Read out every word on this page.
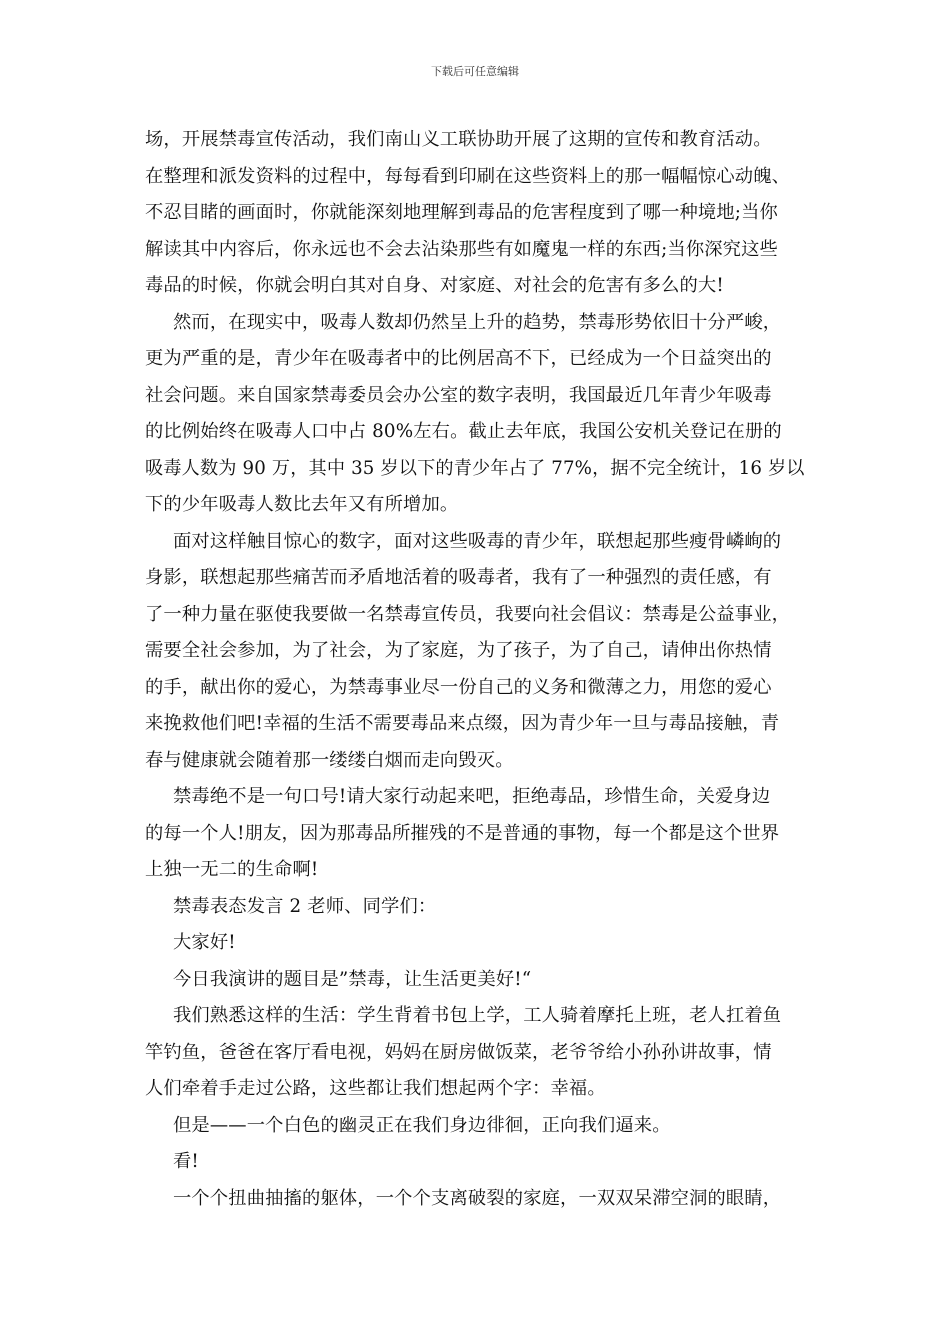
下载后可任意编辑
场，开展禁毒宣传活动，我们南山义工联协助开展了这期的宣传和教育活动。
在整理和派发资料的过程中，每每看到印刷在这些资料上的那一幅幅惊心动魄、
不忍目睹的画面时，你就能深刻地理解到毒品的危害程度到了哪一种境地;当你
解读其中内容后，你永远也不会去沾染那些有如魔鬼一样的东西;当你深究这些
毒品的时候，你就会明白其对自身、对家庭、对社会的危害有多么的大!
然而，在现实中，吸毒人数却仍然呈上升的趋势，禁毒形势依旧十分严峻，
更为严重的是，青少年在吸毒者中的比例居高不下，已经成为一个日益突出的
社会问题。来自国家禁毒委员会办公室的数字表明，我国最近几年青少年吸毒
的比例始终在吸毒人口中占 80%左右。截止去年底，我国公安机关登记在册的
吸毒人数为 90 万，其中 35 岁以下的青少年占了 77%，据不完全统计，16 岁以
下的少年吸毒人数比去年又有所增加。
面对这样触目惊心的数字，面对这些吸毒的青少年，联想起那些瘦骨嶙峋的
身影，联想起那些痛苦而矛盾地活着的吸毒者，我有了一种强烈的责任感，有
了一种力量在驱使我要做一名禁毒宣传员，我要向社会倡议：禁毒是公益事业，
需要全社会参加，为了社会，为了家庭，为了孩子，为了自己，请伸出你热情
的手，献出你的爱心，为禁毒事业尽一份自己的义务和微薄之力，用您的爱心
来挽救他们吧!幸福的生活不需要毒品来点缀，因为青少年一旦与毒品接触，青
春与健康就会随着那一缕缕白烟而走向毁灭。
禁毒绝不是一句口号!请大家行动起来吧，拒绝毒品，珍惜生命，关爱身边
的每一个人!朋友，因为那毒品所摧残的不是普通的事物，每一个都是这个世界
上独一无二的生命啊!
禁毒表态发言 2 老师、同学们：
大家好!
今日我演讲的题目是”禁毒，让生活更美好!“
我们熟悉这样的生活：学生背着书包上学，工人骑着摩托上班，老人扛着鱼
竿钓鱼，爸爸在客厅看电视，妈妈在厨房做饭菜，老爷爷给小孙孙讲故事，情
人们牵着手走过公路，这些都让我们想起两个字：幸福。
但是——一个白色的幽灵正在我们身边徘徊，正向我们逼来。
看!
一个个扭曲抽搐的躯体，一个个支离破裂的家庭，一双双呆滞空洞的眼睛，
